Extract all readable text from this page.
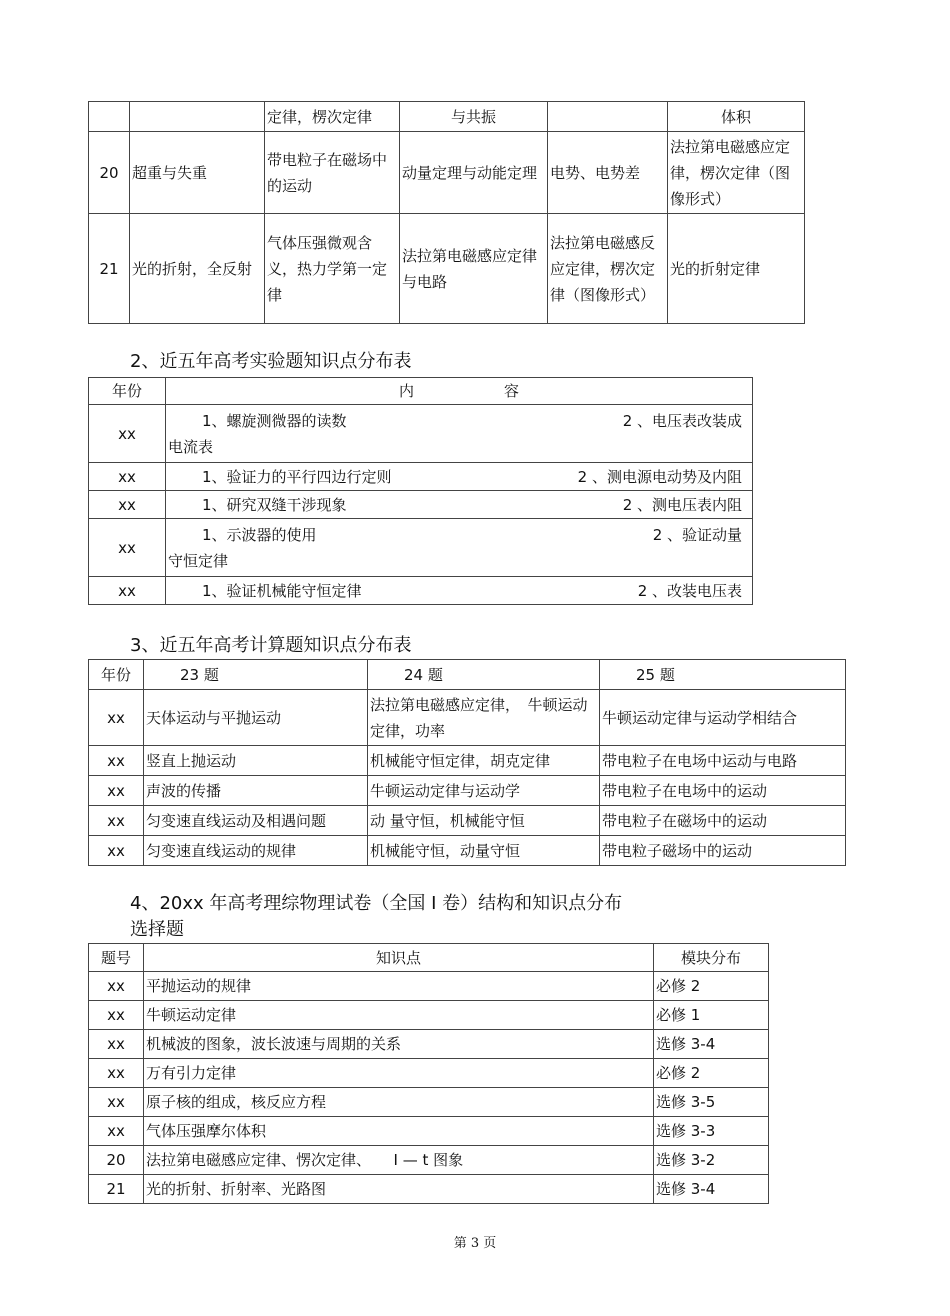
		定律，楞次定律	与共振		体积
20	超重与失重	带电粒子在磁场中的运动	动量定理与动能定理	电势、电势差	法拉第电磁感应定律，楞次定律（图像形式）
21	光的折射，全反射	气体压强微观含义，热力学第一定律	法拉第电磁感应定律与电路	法拉第电磁感反应定律，楞次定律（图像形式）	光的折射定律
2、近五年高考实验题知识点分布表
年份	内　　　　　　容
xx	1、螺旋测微器的读数 2 、电压表改装成
电流表

xx	1、验证力的平行四边行定则 2 、测电源电动势及内阻

xx	1、研究双缝干涉现象 2 、测电压表内阻

xx	1、示波器的使用 2 、验证动量
守恒定律

xx	1、验证机械能守恒定律 2 、改装电压表
3、近五年高考计算题知识点分布表
年份	23 题	24 题	25 题
xx	天体运动与平抛运动	法拉第电磁感应定律，　牛顿运动定律，功率	牛顿运动定律与运动学相结合
xx	竖直上抛运动	机械能守恒定律，胡克定律	带电粒子在电场中运动与电路
xx	声波的传播	牛顿运动定律与运动学	带电粒子在电场中的运动
xx	匀变速直线运动及相遇问题	动 量守恒，机械能守恒	带电粒子在磁场中的运动
xx	匀变速直线运动的规律	机械能守恒，动量守恒	带电粒子磁场中的运动
4、20xx 年高考理综物理试卷（全国 I 卷）结构和知识点分布
选择题
题号	知识点	模块分布
xx	平抛运动的规律	必修 2
xx	牛顿运动定律	必修 1
xx	机械波的图象，波长波速与周期的关系	选修 3-4
xx	万有引力定律	必修 2
xx	原子核的组成，核反应方程	选修 3-5
xx	气体压强摩尔体积	选修 3-3
20	法拉第电磁感应定律、愣次定律、　　I — t 图象	选修 3-2
21	光的折射、折射率、光路图	选修 3-4
第 3 页
